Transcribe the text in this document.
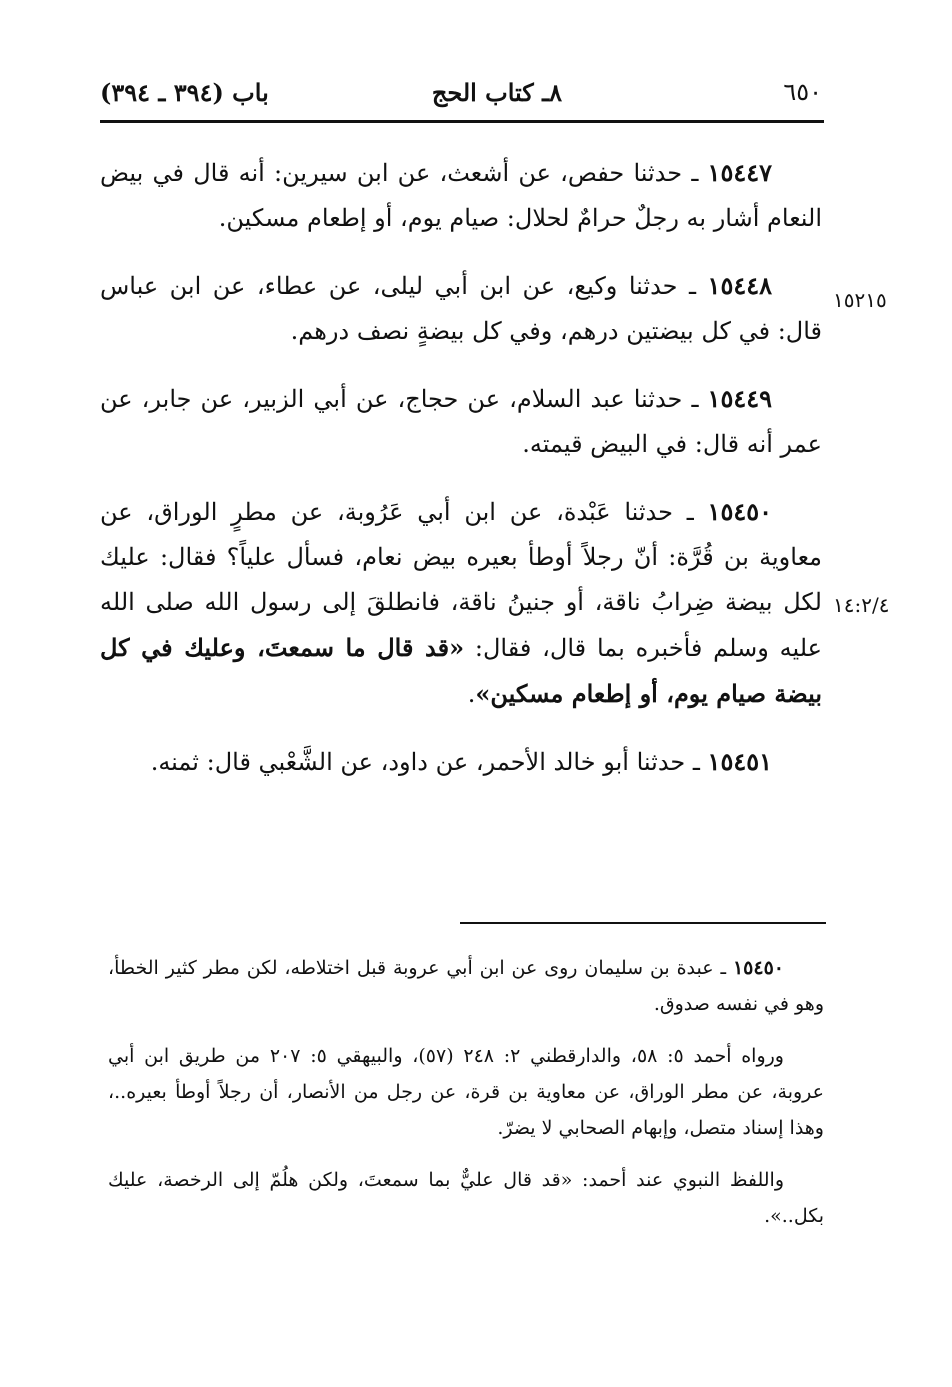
٦٥٠
٨ـ كتاب الحج
باب (٣٩٤ ـ ٣٩٤)
١٥٢١٥
١٤:٢/٤

١٥٤٤٧ ـ حدثنا حفص، عن أشعث، عن ابن سيرين: أنه قال في بيض النعام أشار به رجلٌ حرامٌ لحلال: صيام يوم، أو إطعام مسكين.

١٥٤٤٨ ـ حدثنا وكيع، عن ابن أبي ليلى، عن عطاء، عن ابن عباس قال: في كل بيضتين درهم، وفي كل بيضةٍ نصف درهم.

١٥٤٤٩ ـ حدثنا عبد السلام، عن حجاج، عن أبي الزبير، عن جابر، عن عمر أنه قال: في البيض قيمته.

١٥٤٥٠ ـ حدثنا عَبْدة، عن ابن أبي عَرُوبة، عن مطرٍ الوراق، عن معاوية بن قُرَّة: أنّ رجلاً أوطأ بعيره بيض نعام، فسأل علياً؟ فقال: عليك لكل بيضة ضِرابُ ناقة، أو جنينُ ناقة، فانطلقَ إلى رسول الله صلى الله عليه وسلم فأخبره بما قال، فقال: «قد قال ما سمعتَ، وعليك في كل بيضة صيام يوم، أو إطعام مسكين».

١٥٤٥١ ـ حدثنا أبو خالد الأحمر، عن داود، عن الشَّعْبي قال: ثمنه.

١٥٤٥٠ ـ عبدة بن سليمان روى عن ابن أبي عروبة قبل اختلاطه، لكن مطر كثير الخطأ، وهو في نفسه صدوق.

ورواه أحمد ٥: ٥٨، والدارقطني ٢: ٢٤٨ (٥٧)، والبيهقي ٥: ٢٠٧ من طريق ابن أبي عروبة، عن مطر الوراق، عن معاوية بن قرة، عن رجل من الأنصار، أن رجلاً أوطأ بعيره..، وهذا إسناد متصل، وإبهام الصحابي لا يضرّ.

واللفظ النبوي عند أحمد: «قد قال عليٌّ بما سمعتَ، ولكن هلُمّ إلى الرخصة، عليك بكل..».
